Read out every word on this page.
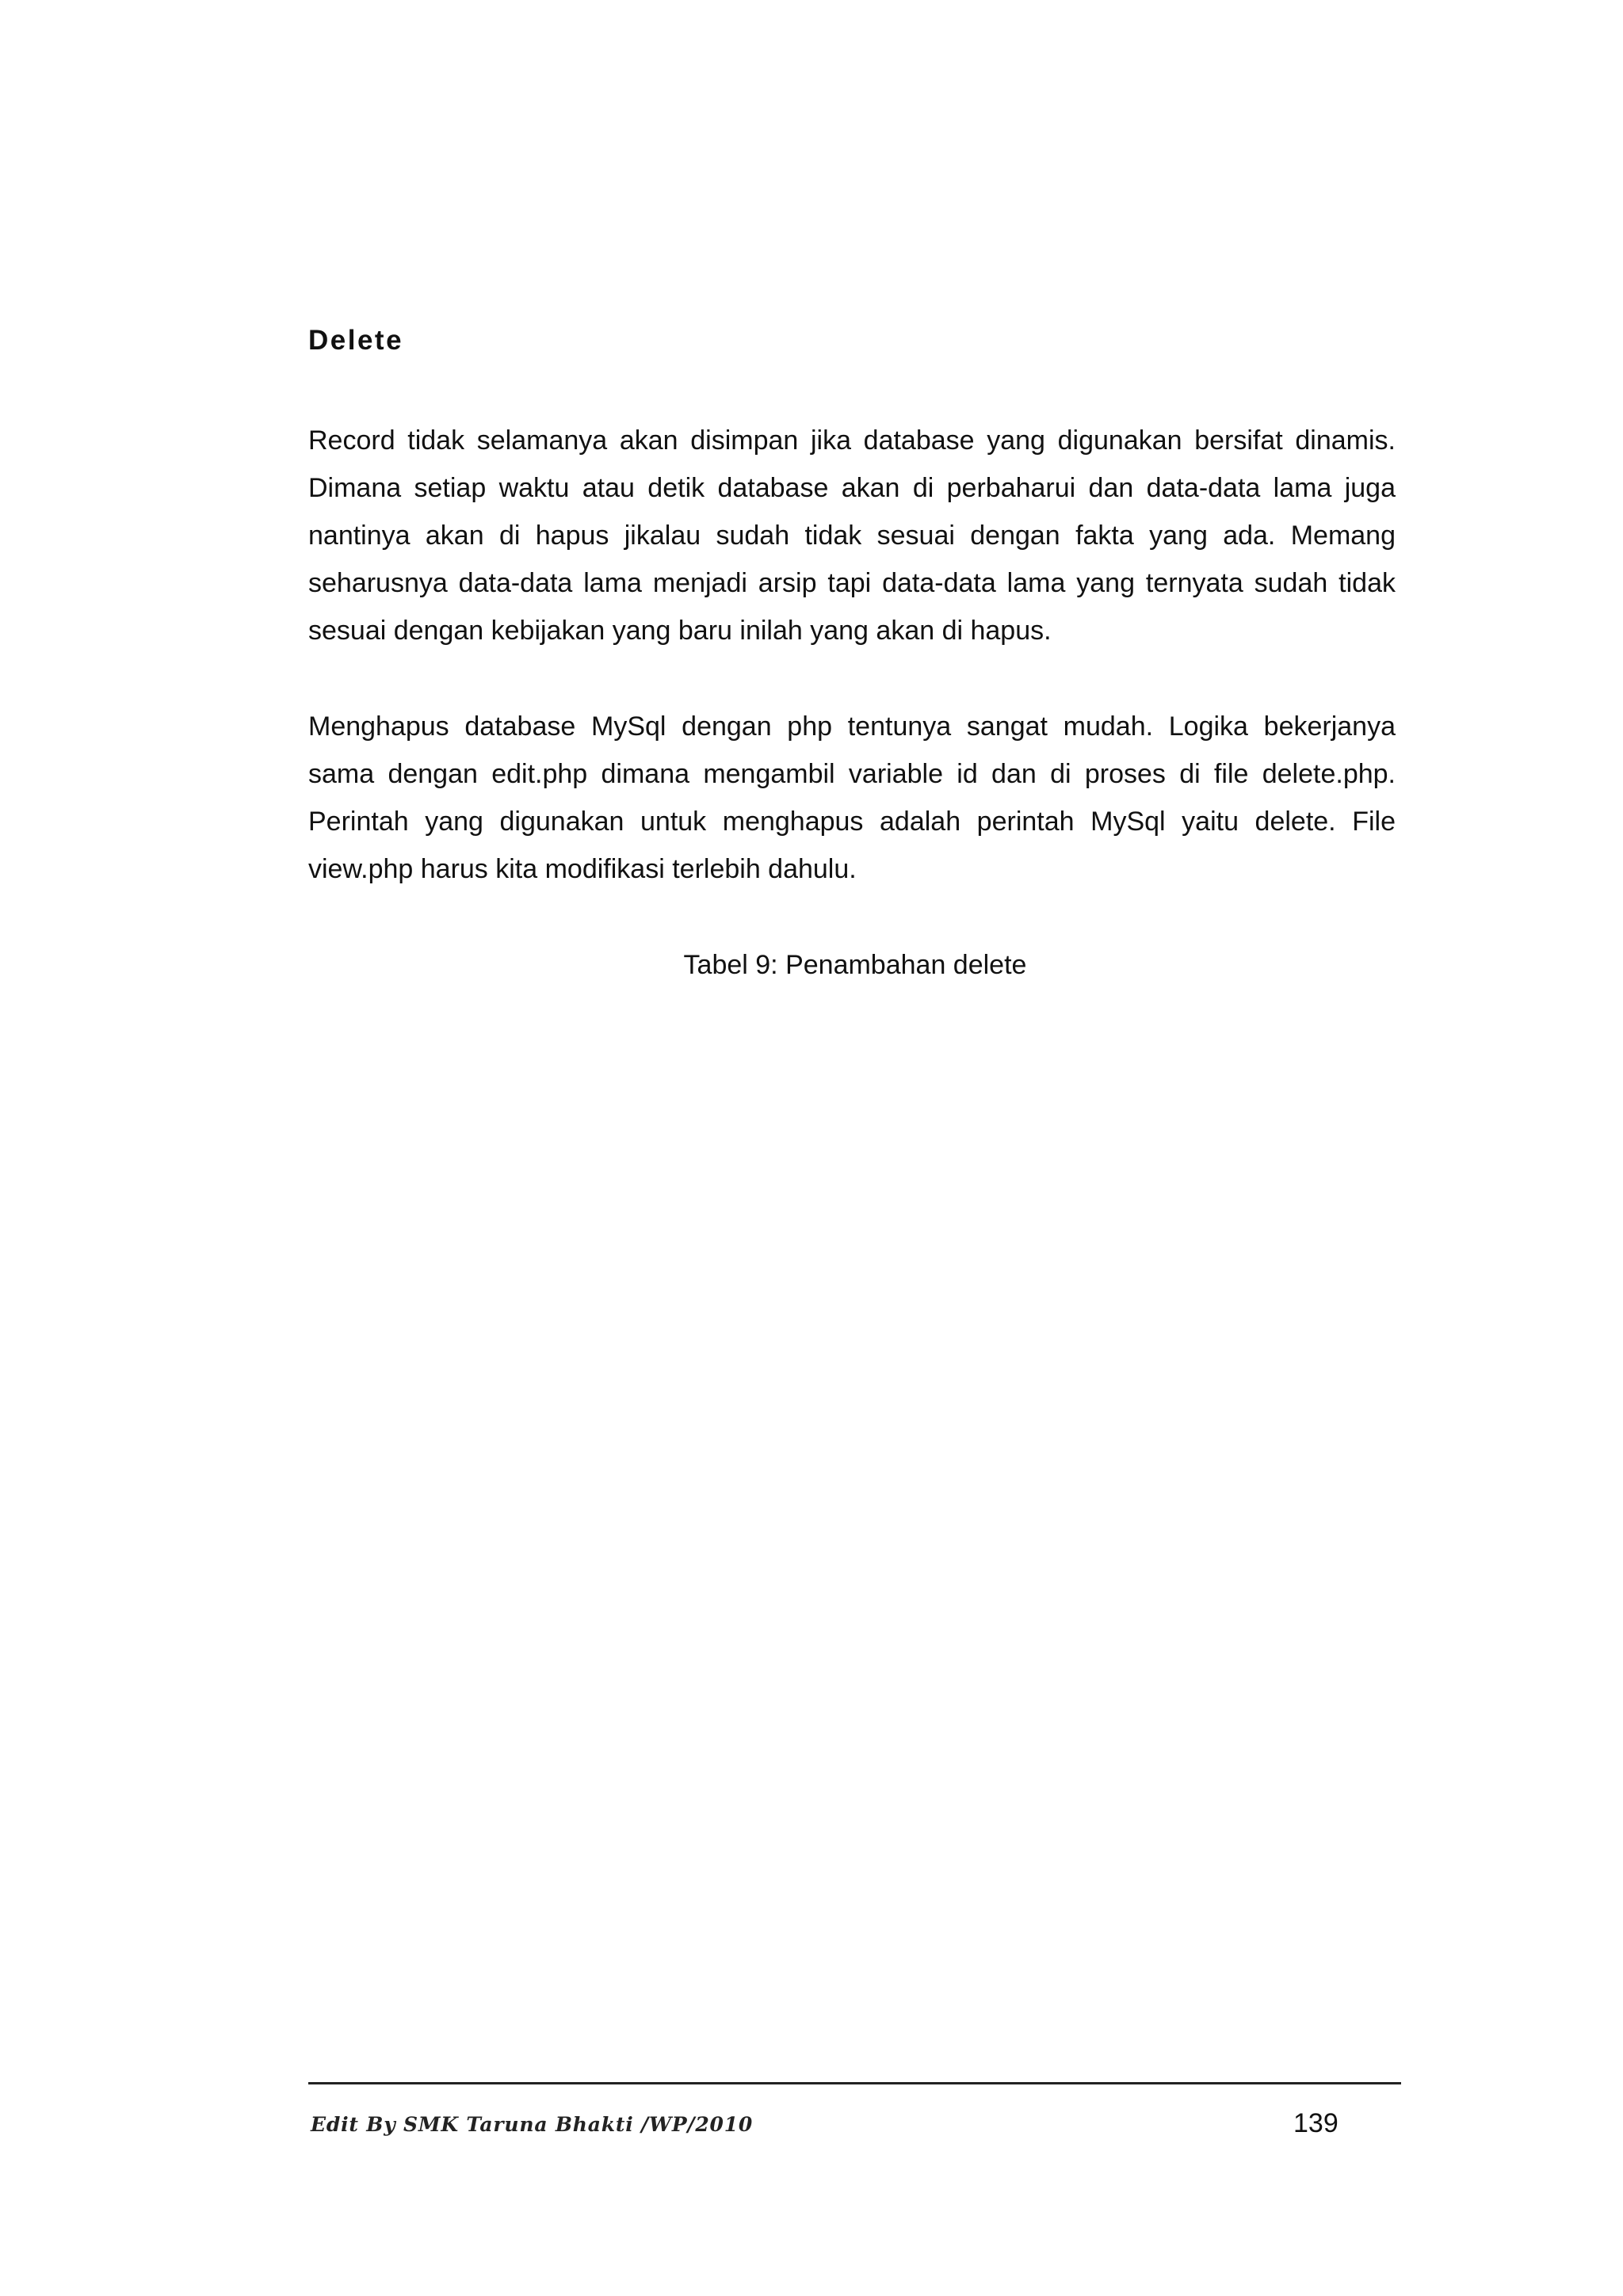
Delete

Record tidak selamanya akan disimpan jika database yang digunakan bersifat dinamis. Dimana setiap waktu atau detik database akan di perbaharui dan data-data lama juga nantinya akan di hapus jikalau sudah tidak sesuai dengan fakta yang ada. Memang seharusnya data-data lama menjadi arsip tapi data-data lama yang ternyata sudah tidak sesuai dengan kebijakan yang baru inilah yang akan di hapus.

Menghapus database MySql dengan php tentunya sangat mudah. Logika bekerjanya sama dengan edit.php dimana mengambil variable id dan di proses di file delete.php. Perintah yang digunakan untuk menghapus adalah perintah MySql yaitu delete. File view.php harus kita modifikasi terlebih dahulu.

Tabel 9: Penambahan delete

Edit By SMK Taruna Bhakti /WP/2010	139
